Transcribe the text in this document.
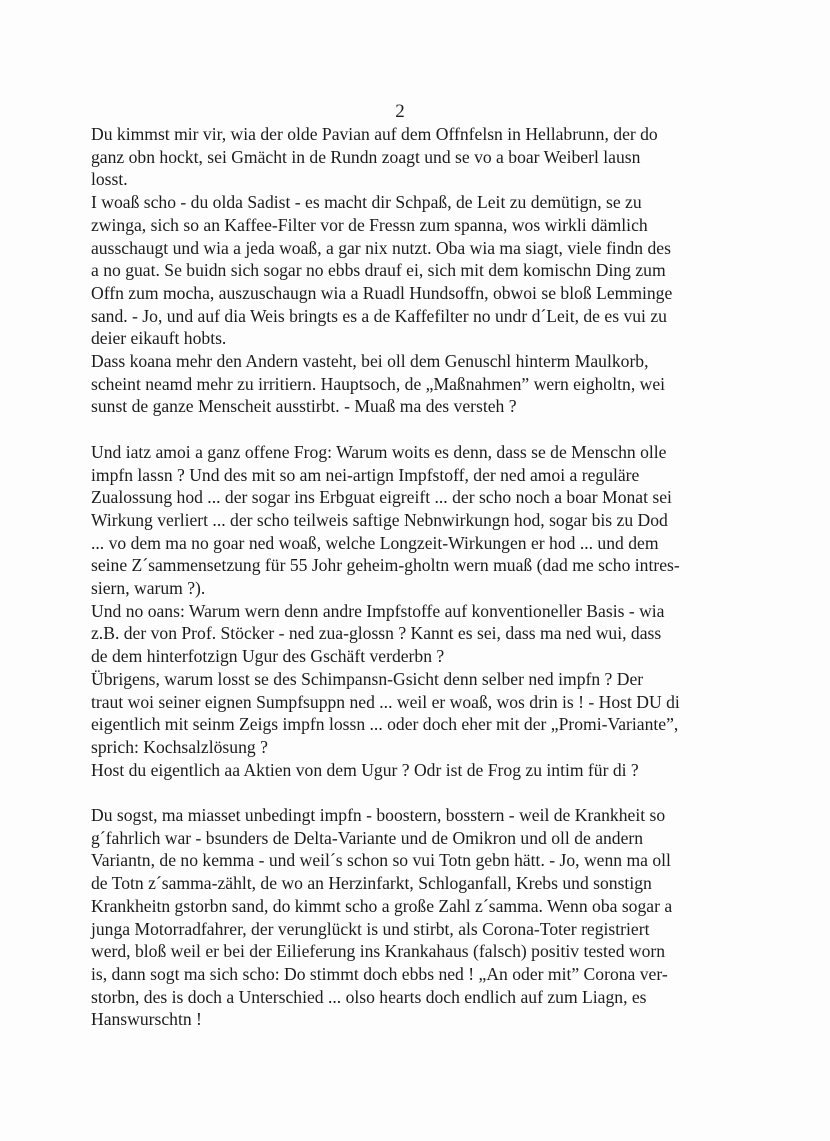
2

Du kimmst mir vir, wia der olde Pavian auf dem Offnfelsn in Hellabrunn, der do

ganz obn hockt, sei Gmächt in de Rundn zoagt und se vo a boar Weiberl lausn

losst.

I woaß scho - du olda Sadist - es macht dir Schpaß, de Leit zu demütign, se zu

zwinga, sich so an Kaffee-Filter vor de Fressn zum spanna, wos wirkli dämlich

ausschaugt und wia a jeda woaß, a gar nix nutzt. Oba wia ma siagt, viele findn des

a no guat. Se buidn sich sogar no ebbs drauf ei, sich mit dem komischn Ding zum

Offn zum mocha, auszuschaugn wia a Ruadl Hundsoffn, obwoi se bloß Lemminge

sand. - Jo, und auf dia Weis bringts es a de Kaffefilter no undr d´Leit, de es vui zu

deier eikauft hobts.

Dass koana mehr den Andern vasteht, bei oll dem Genuschl hinterm Maulkorb,

scheint neamd mehr zu irritiern. Hauptsoch, de „Maßnahmen” wern eigholtn, wei

sunst de ganze Menscheit ausstirbt. - Muaß ma des versteh ?

Und iatz amoi a ganz offene Frog: Warum woits es denn, dass se de Menschn olle

impfn lassn ? Und des mit so am nei-artign Impfstoff, der ned amoi a reguläre

Zualossung hod ... der sogar ins Erbguat eigreift ... der scho noch a boar Monat sei

Wirkung verliert ... der scho teilweis saftige Nebnwirkungn hod, sogar bis zu Dod

... vo dem ma no goar ned woaß, welche Longzeit-Wirkungen er hod ... und dem

seine Z´sammensetzung für 55 Johr geheim-gholtn wern muaß (dad me scho intres-

siern, warum ?).

Und no oans: Warum wern denn andre Impfstoffe auf konventioneller Basis - wia

z.B. der von Prof. Stöcker - ned zua-glossn ? Kannt es sei, dass ma ned wui, dass

de dem hinterfotzign Ugur des Gschäft verderbn ?

Übrigens, warum losst se des Schimpansn-Gsicht denn selber ned impfn ? Der

traut woi seiner eignen Sumpfsuppn ned ... weil er woaß, wos drin is ! - Host DU di

eigentlich mit seinm Zeigs impfn lossn ... oder doch eher mit der „Promi-Variante”,

sprich: Kochsalzlösung ?

Host du eigentlich aa Aktien von dem Ugur ? Odr ist de Frog zu intim für di ?

Du sogst, ma miasset unbedingt impfn - boostern, bosstern - weil de Krankheit so

g´fahrlich war - bsunders de Delta-Variante und de Omikron und oll de andern

Variantn, de no kemma - und weil´s schon so vui Totn gebn hätt. - Jo, wenn ma oll

de Totn z´samma-zählt, de wo an Herzinfarkt, Schloganfall, Krebs und sonstign

Krankheitn gstorbn sand, do kimmt scho a große Zahl z´samma. Wenn oba sogar a

junga Motorradfahrer, der verunglückt is und stirbt, als Corona-Toter registriert

werd, bloß weil er bei der Eilieferung ins Krankahaus (falsch) positiv tested worn

is, dann sogt ma sich scho: Do stimmt doch ebbs ned ! „An oder mit” Corona ver-

storbn, des is doch a Unterschied ... olso hearts doch endlich auf zum Liagn, es

Hanswurschtn !
